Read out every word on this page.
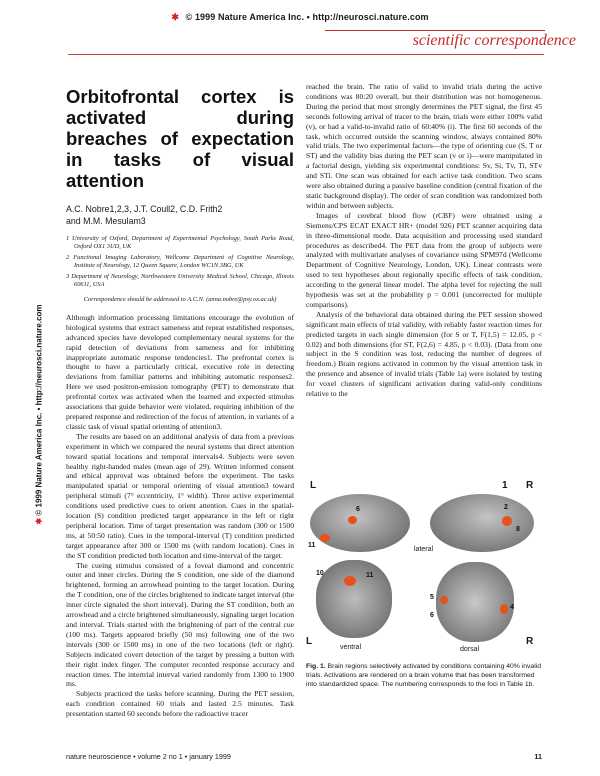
✱ © 1999 Nature America Inc. • http://neurosci.nature.com
scientific correspondence
✱ © 1999 Nature America Inc. • http://neurosci.nature.com
Orbitofrontal cortex is activated during breaches of expectation in tasks of visual attention
A.C. Nobre1,2,3, J.T. Coull2, C.D. Frith2
and M.M. Mesulam3
1 University of Oxford, Department of Experimental Psychology, South Parks Road, Oxford OX1 3UD, UK
2 Functional Imaging Laboratory, Wellcome Department of Cognitive Neurology, Institute of Neurology, 12 Queen Square, London WC1N 3BG, UK
3 Department of Neurology, Northwestern University Medical School, Chicago, Illinois 60611, USA
Correspondence should be addressed to A.C.N. (anna.nobre@psy.ox.ac.uk)

Although information processing limitations encourage the evolution of biological systems that extract sameness and repeat established responses, advanced species have developed complementary neural systems for the rapid detection of deviations from sameness and for inhibiting inappropriate automatic response tendencies1. The prefrontal cortex is thought to have a particularly critical, executive role in detecting deviations from familiar patterns and inhibiting automatic responses2. Here we used positron-emission tomography (PET) to demonstrate that prefrontal cortex was activated when the learned and expected stimulus associations that guide behavior were violated, requiring inhibition of the prepared response and redirection of the focus of attention, in variants of a classic task of visual spatial orienting of attention3.

The results are based on an additional analysis of data from a previous experiment in which we compared the neural systems that direct attention toward spatial locations and temporal intervals4. Subjects were seven healthy right-handed males (mean age of 29). Written informed consent and ethical approval was obtained before the experiment. The tasks manipulated spatial or temporal orienting of visual attention3 toward peripheral stimuli (7° eccentricity, 1° width). Three active experimental conditions used predictive cues to orient attention. Cues in the spatial-location (S) condition predicted target appearance in the left or right peripheral location. Time of target presentation was random (300 or 1500 ms, at 50:50 ratio). Cues in the temporal-interval (T) condition predicted target appearance after 300 or 1500 ms (with random location). Cues in the ST condition predicted both location and time-interval of the target.

The cueing stimulus consisted of a foveal diamond and concentric outer and inner circles. During the S condition, one side of the diamond brightened, forming an arrowhead pointing to the target location. During the T condition, one of the circles brightened to indicate target interval (the inner circle signaled the short interval). During the ST condition, both an arrowhead and a circle brightened simultaneously, signaling target location and interval. Trials started with the brightening of part of the central cue (100 ms). Targets appeared briefly (50 ms) following one of the two intervals (300 or 1500 ms) in one of the two locations (left or right). Subjects indicated covert detection of the target by pressing a button with their right index finger. The computer recorded response accuracy and reaction times. The intertrial interval varied randomly from 1300 to 1900 ms.

Subjects practiced the tasks before scanning. During the PET session, each condition contained 60 trials and lasted 2.5 minutes. Task presentation started 60 seconds before the radioactive tracer

reached the brain. The ratio of valid to invalid trials during the active conditions was 80:20 overall, but their distribution was not homogeneous. During the period that most strongly determines the PET signal, the first 45 seconds following arrival of tracer to the brain, trials were either 100% valid (v), or had a valid-to-invalid ratio of 60:40% (i). The first 60 seconds of the task, which occurred outside the scanning window, always contained 80% valid trials. The two experimental factors—the type of orienting cue (S, T or ST) and the validity bias during the PET scan (v or i)—were manipulated in a factorial design, yielding six experimental conditions: Sv, Si, Tv, Ti, STv and STi. One scan was obtained for each active task condition. Two scans were also obtained during a passive baseline condition (central fixation of the static background display). The order of scan condition was randomized both within and between subjects.

Images of cerebral blood flow (rCBF) were obtained using a Siemens/CPS ECAT EXACT HR+ (model 926) PET scanner acquiring data in three-dimensional mode. Data acquisition and processing used standard procedures as described4. The PET data from the group of subjects were analyzed with multivariate analyses of covariance using SPM97d (Wellcome Department of Cognitive Neurology, London, UK). Linear contrasts were used to test hypotheses about regionally specific effects of task condition, according to the general linear model. The alpha level for rejecting the null hypothesis was set at the probability p = 0.001 (uncorrected for multiple comparisons).

Analysis of the behavioral data obtained during the PET session showed significant main effects of trial validity, with reliably faster reaction times for predicted targets in each single dimension (for S or T, F(1,5) = 12.05, p < 0.02) and both dimensions (for ST, F(2,6) = 4.85, p < 0.03). (Data from one subject in the S condition was lost, reducing the number of degrees of freedom.) Brain regions activated in common by the visual attention task in the presence and absence of invalid trials (Table 1a) were isolated by testing for voxel clusters of significant activation during valid-only conditions relative to the

L	1 R
lateral
L	R
ventral	dorsal
11
6	2
8
10	11
5
6
4
Fig. 1. Brain regions selectively activated by conditions containing 40% invalid trials. Activations are rendered on a brain volume that has been transformed into standardized space. The numbering corresponds to the foci in Table 1b.
nature neuroscience • volume 2 no 1 • january 1999	11
